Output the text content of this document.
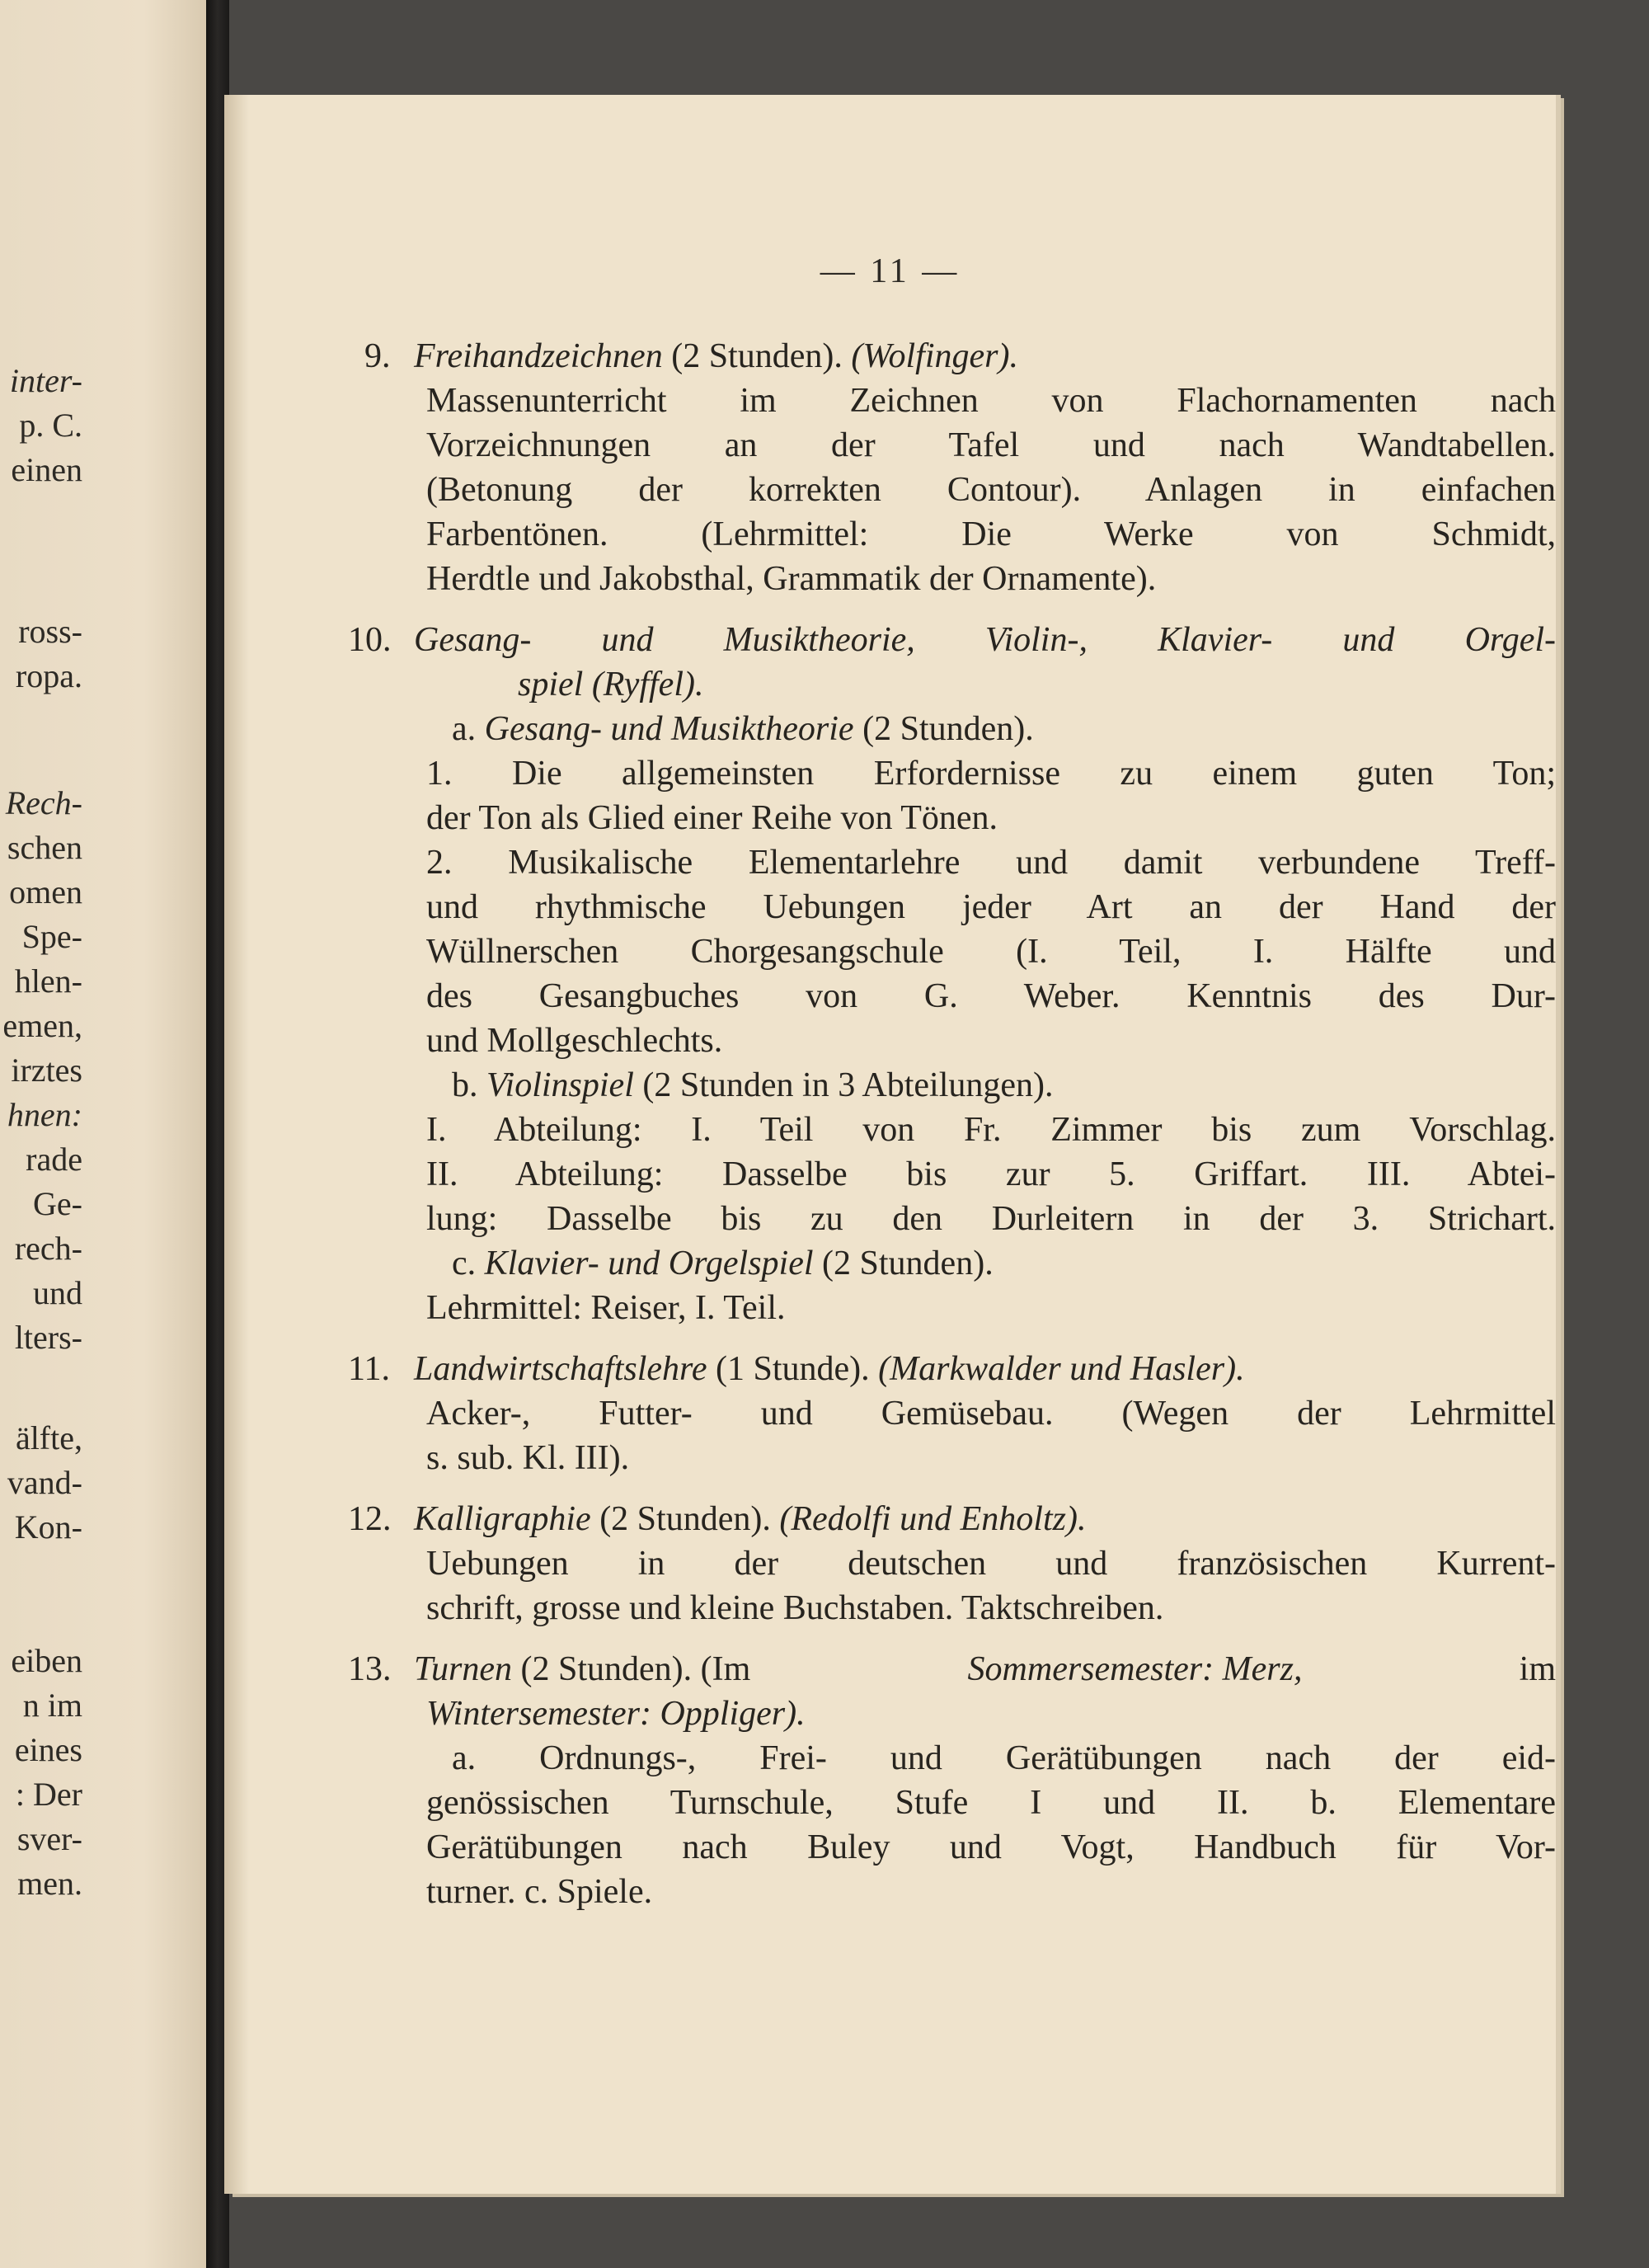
inter-
p. C.
einen
ross-
ropa.
Rech-
schen
omen
Spe-
hlen-
emen,
irztes
hnen:
rade
Ge-
rech-
und
lters-
älfte,
vand-
Kon-
eiben
n im
eines
: Der
sver-
men.
— 11 —
9. Freihandzeichnen (2 Stunden). (Wolfinger).
Massenunterricht im Zeichnen von Flachornamenten nach
Vorzeichnungen an der Tafel und nach Wandtabellen.
(Betonung der korrekten Contour). Anlagen in einfachen
Farbentönen. (Lehrmittel: Die Werke von Schmidt,
Herdtle und Jakobsthal, Grammatik der Ornamente).
10. Gesang- und Musiktheorie, Violin-, Klavier- und Orgel-
spiel (Ryffel).
a. Gesang- und Musiktheorie (2 Stunden).
1. Die allgemeinsten Erfordernisse zu einem guten Ton;
der Ton als Glied einer Reihe von Tönen.
2. Musikalische Elementarlehre und damit verbundene Treff-
und rhythmische Uebungen jeder Art an der Hand der
Wüllnerschen Chorgesangschule (I. Teil, I. Hälfte und
des Gesangbuches von G. Weber. Kenntnis des Dur-
und Mollgeschlechts.
b. Violinspiel (2 Stunden in 3 Abteilungen).
I. Abteilung: I. Teil von Fr. Zimmer bis zum Vorschlag.
II. Abteilung: Dasselbe bis zur 5. Griffart. III. Abtei-
lung: Dasselbe bis zu den Durleitern in der 3. Strichart.
c. Klavier- und Orgelspiel (2 Stunden).
Lehrmittel: Reiser, I. Teil.
11. Landwirtschaftslehre (1 Stunde). (Markwalder und Hasler).
Acker-, Futter- und Gemüsebau. (Wegen der Lehrmittel
s. sub. Kl. III).
12. Kalligraphie (2 Stunden). (Redolfi und Enholtz).
Uebungen in der deutschen und französischen Kurrent-
schrift, grosse und kleine Buchstaben. Taktschreiben.
13. Turnen (2 Stunden). (Im	Sommersemester: Merz,	im
Wintersemester: Oppliger).
a. Ordnungs-, Frei- und Gerätübungen nach der eid-
genössischen Turnschule, Stufe I und II. b. Elementare
Gerätübungen nach Buley und Vogt, Handbuch für Vor-
turner. c. Spiele.
